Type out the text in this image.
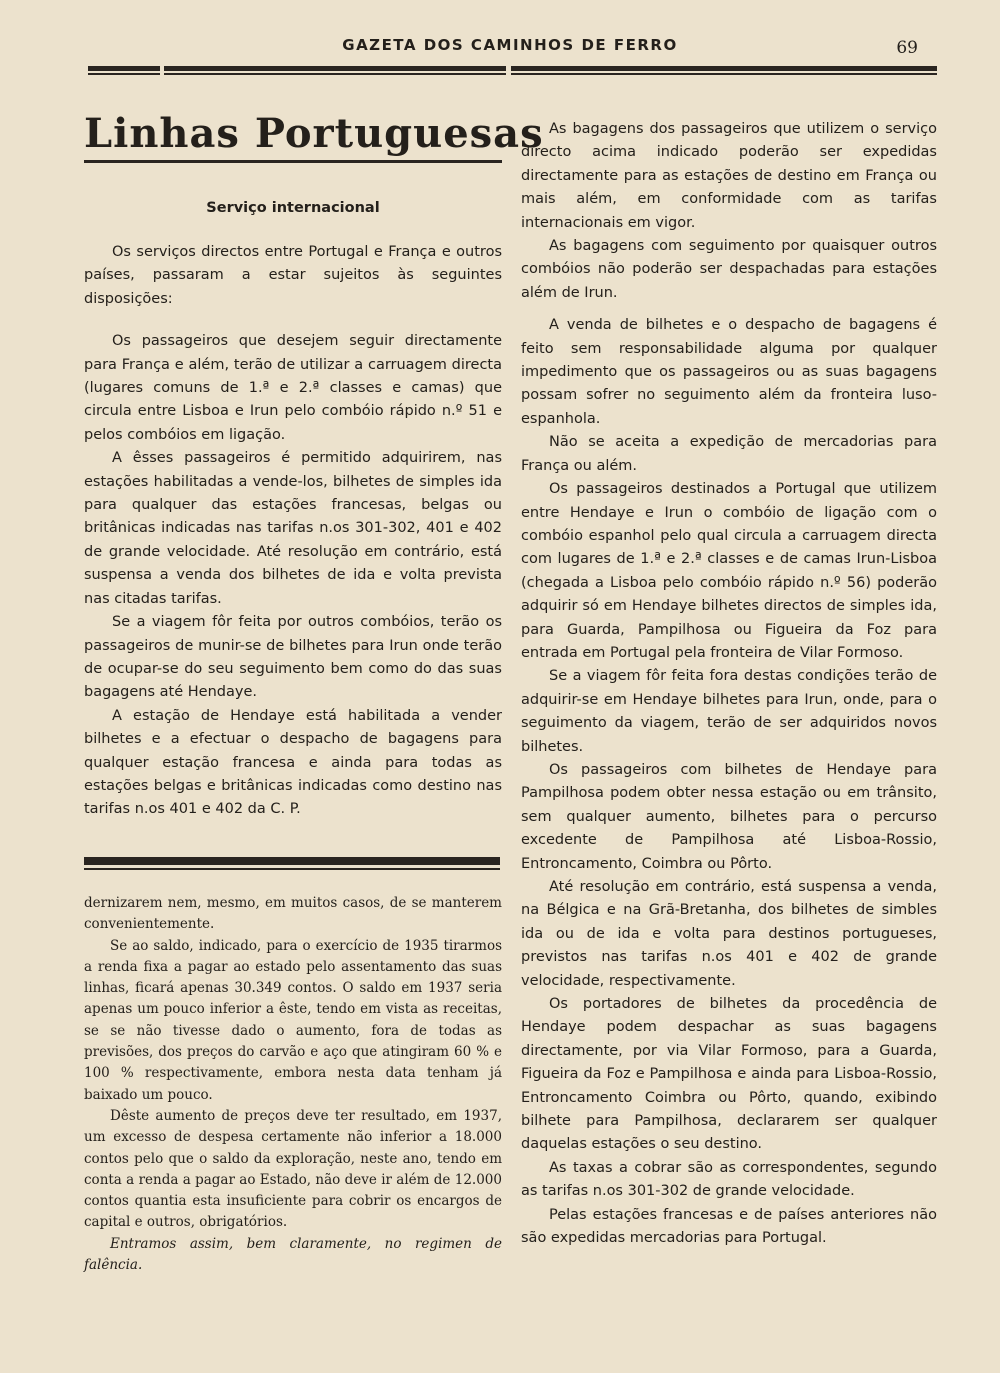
GAZETA DOS CAMINHOS DE FERRO	69
Linhas Portuguesas
Serviço internacional

Os serviços directos entre Portugal e França e outros países, passaram a estar sujeitos às seguintes disposições:

Os passageiros que desejem seguir directamente para França e além, terão de utilizar a carruagem directa (lugares comuns de 1.ª e 2.ª classes e camas) que circula entre Lisboa e Irun pelo combóio rápido n.º 51 e pelos combóios em ligação.

A êsses passageiros é permitido adquirirem, nas estações habilitadas a vende-los, bilhetes de simples ida para qualquer das estações francesas, belgas ou britânicas indicadas nas tarifas n.os 301-302, 401 e 402 de grande velocidade. Até resolução em contrário, está suspensa a venda dos bilhetes de ida e volta prevista nas citadas tarifas.

Se a viagem fôr feita por outros combóios, terão os passageiros de munir-se de bilhetes para Irun onde terão de ocupar-se do seu seguimento bem como do das suas bagagens até Hendaye.

A estação de Hendaye está habilitada a vender bilhetes e a efectuar o despacho de bagagens para qualquer estação francesa e ainda para todas as estações belgas e britânicas indicadas como destino nas tarifas n.os 401 e 402 da C. P.

dernizarem nem, mesmo, em muitos casos, de se manterem convenientemente.

Se ao saldo, indicado, para o exercício de 1935 tirarmos a renda fixa a pagar ao estado pelo assentamento das suas linhas, ficará apenas 30.349 contos. O saldo em 1937 seria apenas um pouco inferior a êste, tendo em vista as receitas, se se não tivesse dado o aumento, fora de todas as previsões, dos preços do carvão e aço que atingiram 60 % e 100 % respectivamente, embora nesta data tenham já baixado um pouco.

Dêste aumento de preços deve ter resultado, em 1937, um excesso de despesa certamente não inferior a 18.000 contos pelo que o saldo da exploração, neste ano, tendo em conta a renda a pagar ao Estado, não deve ir além de 12.000 contos quantia esta insuficiente para cobrir os encargos de capital e outros, obrigatórios.

Entramos assim, bem claramente, no regimen de falência.

As bagagens dos passageiros que utilizem o serviço directo acima indicado poderão ser expedidas directamente para as estações de destino em França ou mais além, em conformidade com as tarifas internacionais em vigor.

As bagagens com seguimento por quaisquer outros combóios não poderão ser despachadas para estações além de Irun.

A venda de bilhetes e o despacho de bagagens é feito sem responsabilidade alguma por qualquer impedimento que os passageiros ou as suas bagagens possam sofrer no seguimento além da fronteira luso-espanhola.

Não se aceita a expedição de mercadorias para França ou além.

Os passageiros destinados a Portugal que utilizem entre Hendaye e Irun o combóio de ligação com o combóio espanhol pelo qual circula a carruagem directa com lugares de 1.ª e 2.ª classes e de camas Irun-Lisboa (chegada a Lisboa pelo combóio rápido n.º 56) poderão adquirir só em Hendaye bilhetes directos de simples ida, para Guarda, Pampilhosa ou Figueira da Foz para entrada em Portugal pela fronteira de Vilar Formoso.

Se a viagem fôr feita fora destas condições terão de adquirir-se em Hendaye bilhetes para Irun, onde, para o seguimento da viagem, terão de ser adquiridos novos bilhetes.

Os passageiros com bilhetes de Hendaye para Pampilhosa podem obter nessa estação ou em trânsito, sem qualquer aumento, bilhetes para o percurso excedente de Pampilhosa até Lisboa-Rossio, Entroncamento, Coimbra ou Pôrto.

Até resolução em contrário, está suspensa a venda, na Bélgica e na Grã-Bretanha, dos bilhetes de simbles ida ou de ida e volta para destinos portugueses, previstos nas tarifas n.os 401 e 402 de grande velocidade, respectivamente.

Os portadores de bilhetes da procedência de Hendaye podem despachar as suas bagagens directamente, por via Vilar Formoso, para a Guarda, Figueira da Foz e Pampilhosa e ainda para Lisboa-Rossio, Entroncamento Coimbra ou Pôrto, quando, exibindo bilhete para Pampilhosa, declararem ser qualquer daquelas estações o seu destino.

As taxas a cobrar são as correspondentes, segundo as tarifas n.os 301-302 de grande velocidade.

Pelas estações francesas e de países anteriores não são expedidas mercadorias para Portugal.
